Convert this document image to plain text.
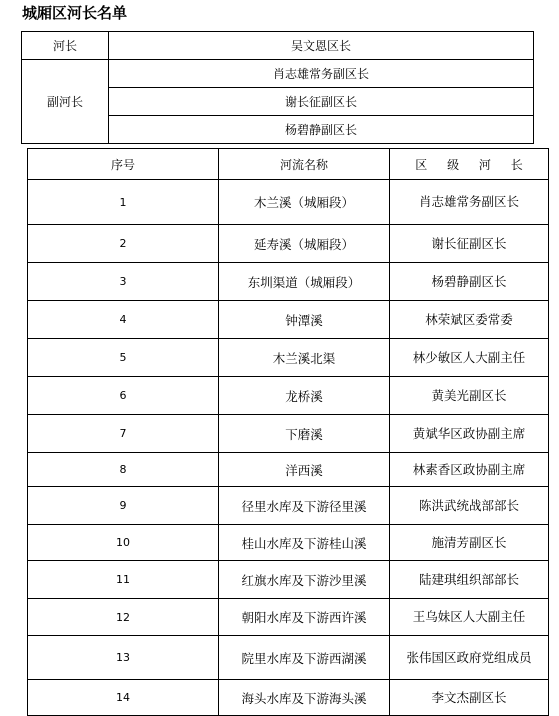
城厢区河长名单
河长	吴文恩区长
副河长	肖志雄常务副区长
	谢长征副区长
	杨碧静副区长
序号	河流名称	区 级 河 长
1	木兰溪（城厢段）	肖志雄常务副区长
2	延寿溪（城厢段）	谢长征副区长
3	东圳渠道（城厢段）	杨碧静副区长
4	钟潭溪	林荣斌区委常委
5	木兰溪北渠	林少敏区人大副主任
6	龙桥溪	黄美光副区长
7	下磨溪	黄斌华区政协副主席
8	洋西溪	林素香区政协副主席
9	径里水库及下游径里溪	陈洪武统战部部长
10	桂山水库及下游桂山溪	施清芳副区长
11	红旗水库及下游沙里溪	陆建琪组织部部长
12	朝阳水库及下游西许溪	王乌妹区人大副主任
13	院里水库及下游西湖溪	张伟国区政府党组成员
14	海头水库及下游海头溪	李文杰副区长
